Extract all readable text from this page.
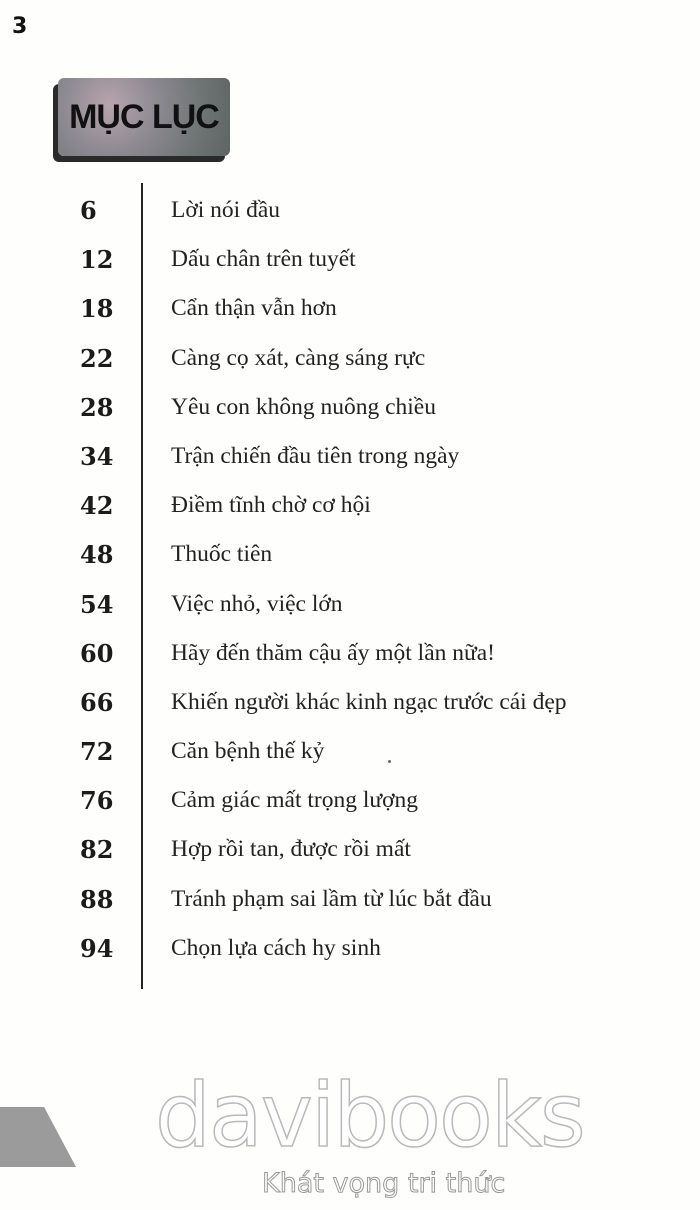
MỤC LỤC
6	Lời nói đầu
12 Dấu chân trên tuyết
18 Cẩn thận vẫn hơn
22 Càng cọ xát, càng sáng rực
28 Yêu con không nuông chiều
34 Trận chiến đầu tiên trong ngày
42 Điềm tĩnh chờ cơ hội
48 Thuốc tiên
54 Việc nhỏ, việc lớn
60 Hãy đến thăm cậu ấy một lần nữa!
66 Khiến người khác kinh ngạc trước cái đẹp
72 Căn bệnh thế kỷ
76 Cảm giác mất trọng lượng
82 Hợp rồi tan, được rồi mất
88 Tránh phạm sai lầm từ lúc bắt đầu
94 Chọn lựa cách hy sinh
3
davibooks
Khát vọng tri thức
